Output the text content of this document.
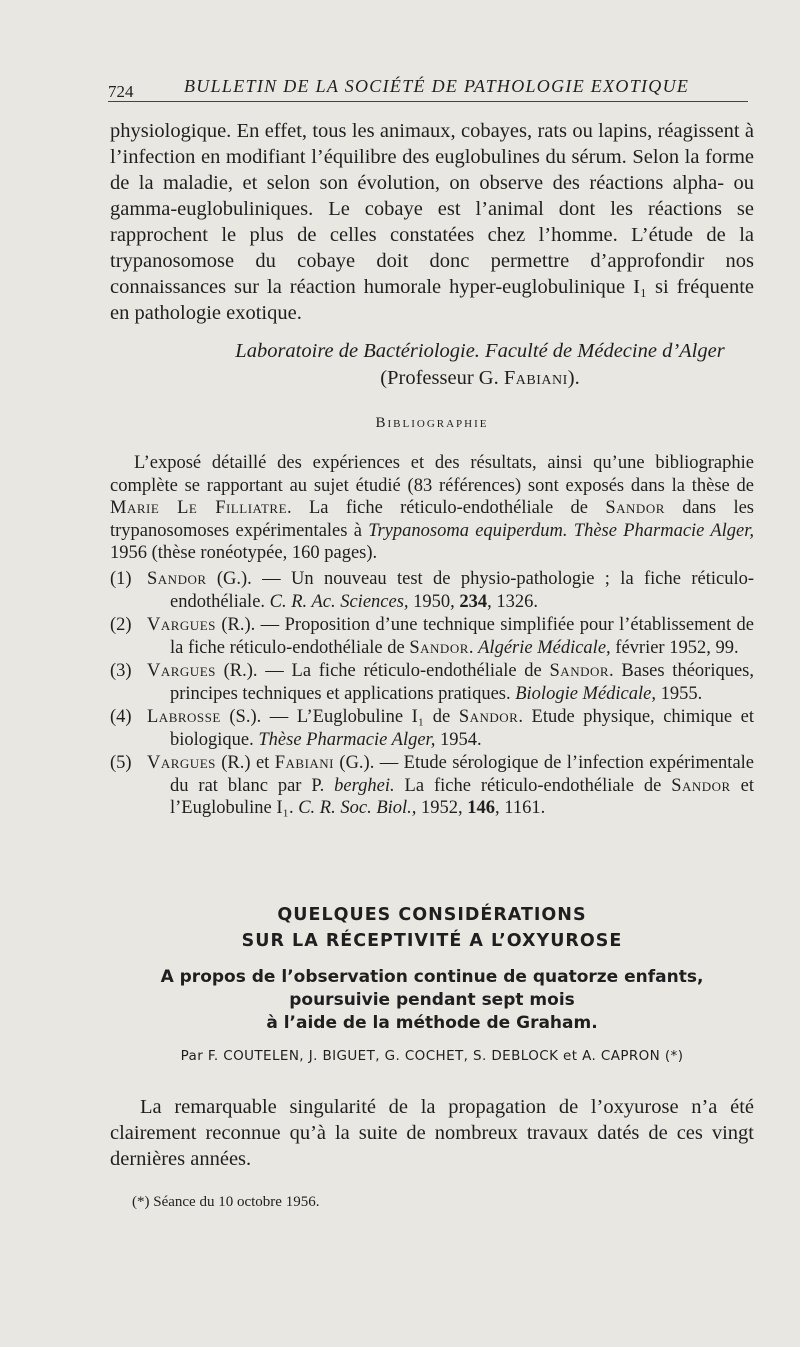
724	BULLETIN DE LA SOCIÉTÉ DE PATHOLOGIE EXOTIQUE

physiologique. En effet, tous les animaux, cobayes, rats ou lapins, réagissent à l’infection en modifiant l’équilibre des euglobulines du sérum. Selon la forme de la maladie, et selon son évolution, on observe des réactions alpha- ou gamma-euglobuliniques. Le cobaye est l’animal dont les réactions se rapprochent le plus de celles constatées chez l’homme. L’étude de la trypanosomose du cobaye doit donc permettre d’approfondir nos connaissances sur la réaction humorale hyper-euglobulinique I₁ si fréquente en pathologie exotique.

Laboratoire de Bactériologie. Faculté de Médecine d’Alger
(Professeur G. Fabiani).
Bibliographie

L’exposé détaillé des expériences et des résultats, ainsi qu’une bibliographie complète se rapportant au sujet étudié (83 références) sont exposés dans la thèse de Marie Le Filliatre. La fiche réticulo-endothéliale de Sandor dans les trypanosomoses expérimentales à Trypanosoma equiperdum. Thèse Pharmacie Alger, 1956 (thèse ronéotypée, 160 pages).

(1) Sandor (G.). — Un nouveau test de physio-pathologie ; la fiche réticulo-endothéliale. C. R. Ac. Sciences, 1950, 234, 1326.
(2) Vargues (R.). — Proposition d’une technique simplifiée pour l’établissement de la fiche réticulo-endothéliale de Sandor. Algérie Médicale, février 1952, 99.
(3) Vargues (R.). — La fiche réticulo-endothéliale de Sandor. Bases théoriques, principes techniques et applications pratiques. Biologie Médicale, 1955.
(4) Labrosse (S.). — L’Euglobuline I₁ de Sandor. Etude physique, chimique et biologique. Thèse Pharmacie Alger, 1954.
(5) Vargues (R.) et Fabiani (G.). — Etude sérologique de l’infection expérimentale du rat blanc par P. berghei. La fiche réticulo-endothéliale de Sandor et l’Euglobuline I₁. C. R. Soc. Biol., 1952, 146, 1161.
QUELQUES CONSIDÉRATIONS
SUR LA RÉCEPTIVITÉ A L’OXYUROSE
A propos de l’observation continue de quatorze enfants,
poursuivie pendant sept mois
à l’aide de la méthode de Graham.
Par F. COUTELEN, J. BIGUET, G. COCHET, S. DEBLOCK et A. CAPRON (*)

La remarquable singularité de la propagation de l’oxyurose n’a été clairement reconnue qu’à la suite de nombreux travaux datés de ces vingt dernières années.

(*) Séance du 10 octobre 1956.
